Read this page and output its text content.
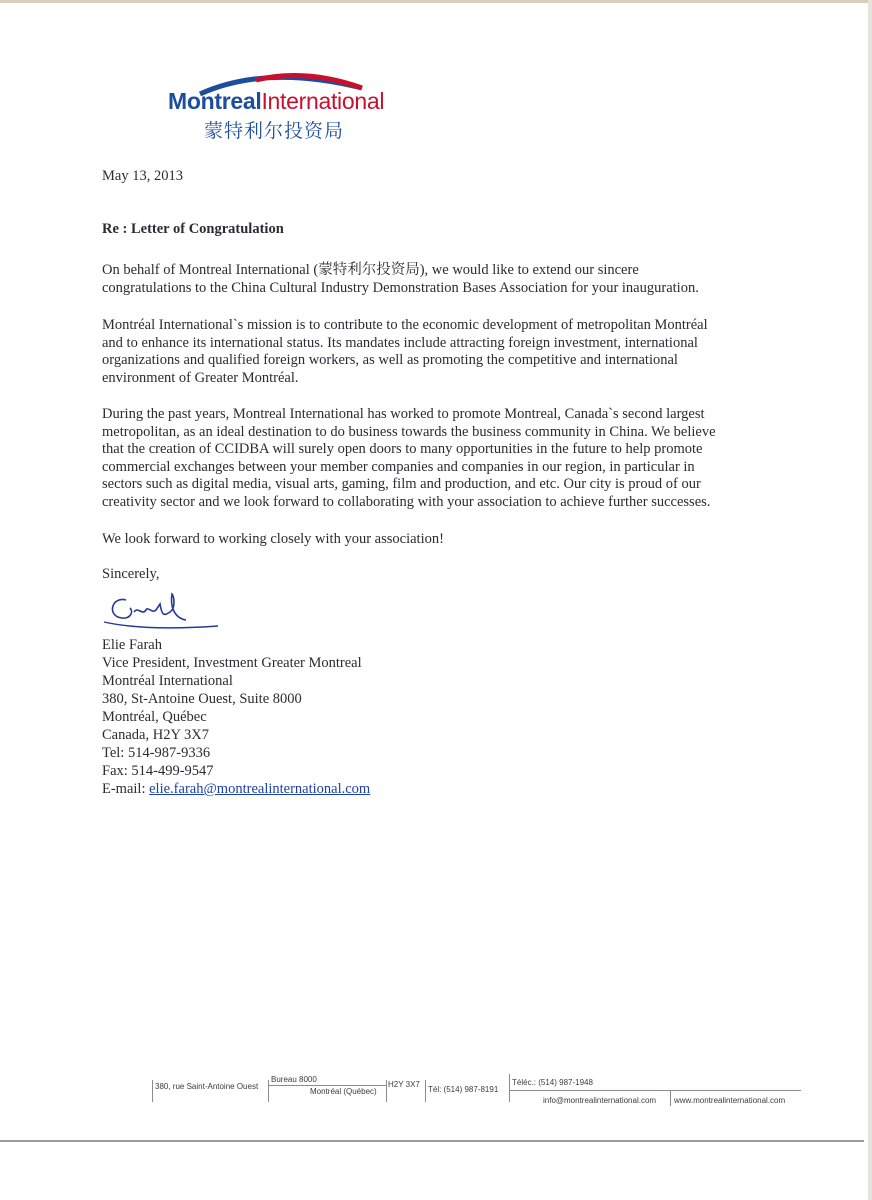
MontrealInternational
蒙特利尔投资局
May 13, 2013
Re : Letter of Congratulation
On behalf of Montreal International (蒙特利尔投资局), we would like to extend our sincere
congratulations to the China Cultural Industry Demonstration Bases Association for your inauguration.
Montréal International`s mission is to contribute to the economic development of metropolitan Montréal
and to enhance its international status. Its mandates include attracting foreign investment, international
organizations and qualified foreign workers, as well as promoting the competitive and international
environment of Greater Montréal.
During the past years, Montreal International has worked to promote Montreal, Canada`s second largest
metropolitan, as an ideal destination to do business towards the business community in China. We believe
that the creation of CCIDBA will surely open doors to many opportunities in the future to help promote
commercial exchanges between your member companies and companies in our region, in particular in
sectors such as digital media, visual arts, gaming, film and production, and etc. Our city is proud of our
creativity sector and we look forward to collaborating with your association to achieve further successes.
We look forward to working closely with your association!
Sincerely,
Elie Farah
Vice President, Investment Greater Montreal
Montréal International
380, St-Antoine Ouest, Suite 8000
Montréal, Québec
Canada, H2Y 3X7
Tel: 514-987-9336
Fax: 514-499-9547
E-mail: elie.farah@montrealinternational.com
380, rue Saint-Antoine Ouest
Bureau 8000
Montréal (Québec)
H2Y 3X7
Tél: (514) 987-8191
Téléc.: (514) 987-1948
info@montrealinternational.com www.montrealinternational.com
